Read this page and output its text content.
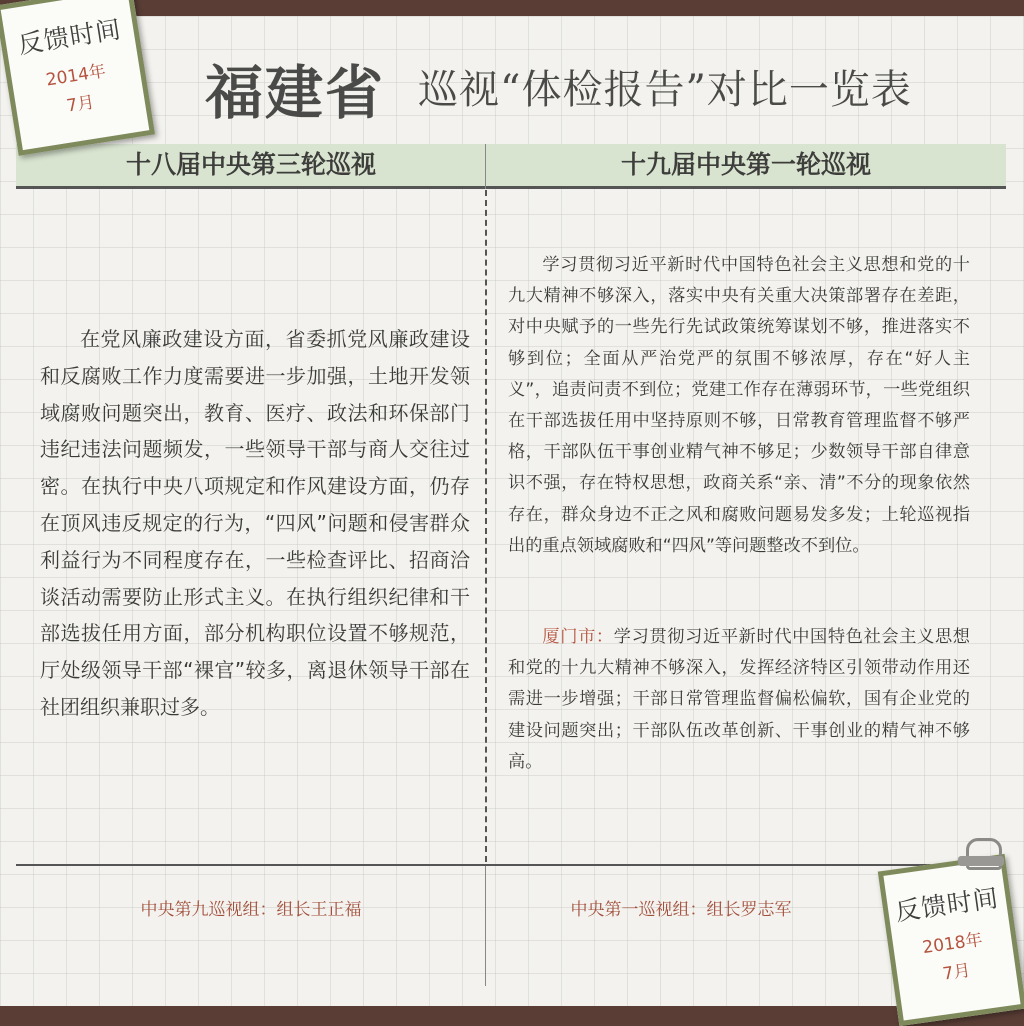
福建省 巡视“体检报告”对比一览表
十八届中央第三轮巡视	十九届中央第一轮巡视

在党风廉政建设方面，省委抓党风廉政建设和反腐败工作力度需要进一步加强，土地开发领域腐败问题突出，教育、医疗、政法和环保部门违纪违法问题频发，一些领导干部与商人交往过密。在执行中央八项规定和作风建设方面，仍存在顶风违反规定的行为，“四风”问题和侵害群众利益行为不同程度存在，一些检查评比、招商洽谈活动需要防止形式主义。在执行组织纪律和干部选拔任用方面，部分机构职位设置不够规范，厅处级领导干部“裸官”较多，离退休领导干部在社团组织兼职过多。

学习贯彻习近平新时代中国特色社会主义思想和党的十九大精神不够深入，落实中央有关重大决策部署存在差距，对中央赋予的一些先行先试政策统筹谋划不够，推进落实不够到位；全面从严治党严的氛围不够浓厚，存在“好人主义”，追责问责不到位；党建工作存在薄弱环节，一些党组织在干部选拔任用中坚持原则不够，日常教育管理监督不够严格，干部队伍干事创业精气神不够足；少数领导干部自律意识不强，存在特权思想，政商关系“亲、清”不分的现象依然存在，群众身边不正之风和腐败问题易发多发；上轮巡视指出的重点领域腐败和“四风”等问题整改不到位。

厦门市：学习贯彻习近平新时代中国特色社会主义思想和党的十九大精神不够深入，发挥经济特区引领带动作用还需进一步增强；干部日常管理监督偏松偏软，国有企业党的建设问题突出；干部队伍改革创新、干事创业的精气神不够高。

中央第九巡视组：组长王正福	中央第一巡视组：组长罗志军
反馈时间
2014年
7月
反馈时间
2018年
7月
